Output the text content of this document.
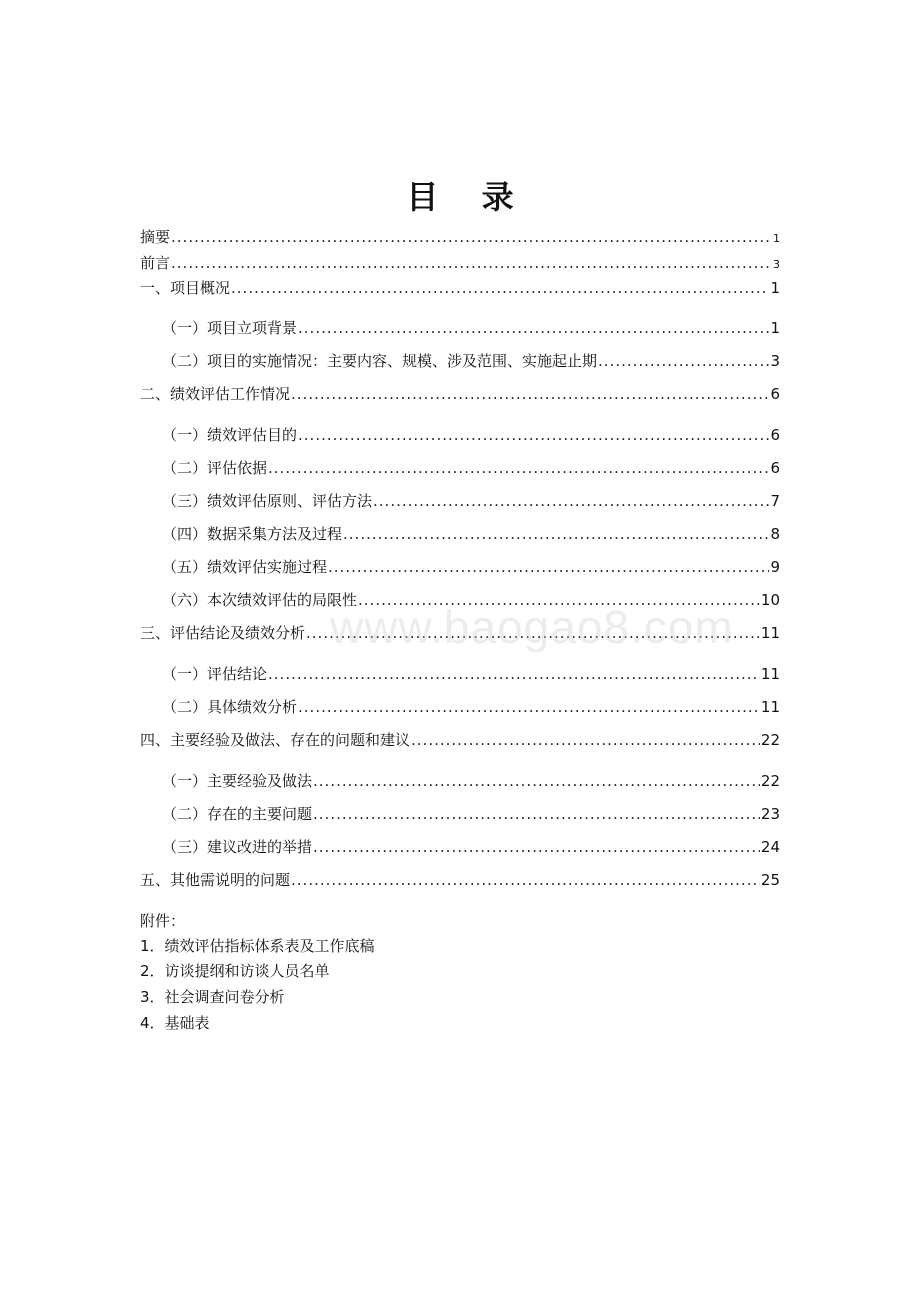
目 录
摘要 .....	1
前言 .....	3
一、项目概况 .....	1
（一）项目立项背景 .....	1
（二）项目的实施情况：主要内容、规模、涉及范围、实施起止期 .....	3
二、绩效评估工作情况 .....	6
（一）绩效评估目的 .....	6
（二）评估依据 .....	6
（三）绩效评估原则、评估方法 .....	7
（四）数据采集方法及过程 .....	8
（五）绩效评估实施过程 .....	9
（六）本次绩效评估的局限性 .....	10
三、评估结论及绩效分析 .....	11
（一）评估结论 .....	11
（二）具体绩效分析 .....	11
四、主要经验及做法、存在的问题和建议 .....	22
（一）主要经验及做法 .....	22
（二）存在的主要问题 .....	23
（三）建议改进的举措 .....	24
五、其他需说明的问题 .....	25
附件：
1．绩效评估指标体系表及工作底稿
2．访谈提纲和访谈人员名单
3．社会调查问卷分析
4．基础表
www.baogao8.com
